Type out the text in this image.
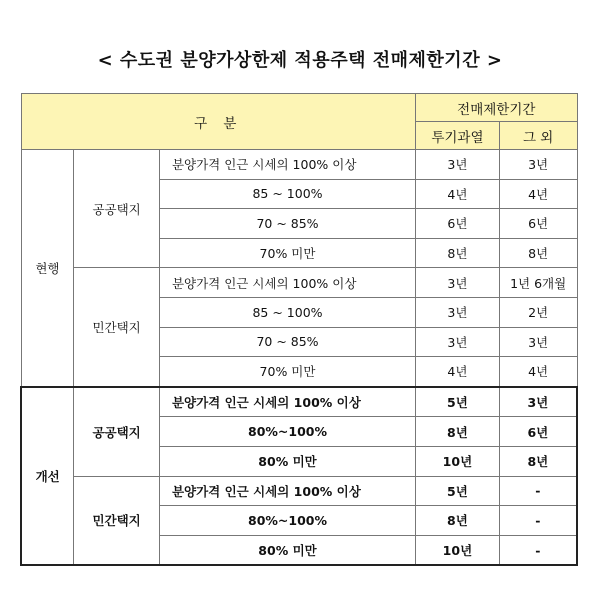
< 수도권 분양가상한제 적용주택 전매제한기간 >
구 분			전매제한기간	
			투기과열	그 외
현행	공공택지	분양가격 인근 시세의 100% 이상	3년	3년
		85 ~ 100%	4년	4년
		70 ~ 85%	6년	6년
		70% 미만	8년	8년
	민간택지	분양가격 인근 시세의 100% 이상	3년	1년 6개월
		85 ~ 100%	3년	2년
		70 ~ 85%	3년	3년
		70% 미만	4년	4년
개선	공공택지	분양가격 인근 시세의 100% 이상	5년	3년
		80%~100%	8년	6년
		80% 미만	10년	8년
	민간택지	분양가격 인근 시세의 100% 이상	5년	-
		80%~100%	8년	-
		80% 미만	10년	-
